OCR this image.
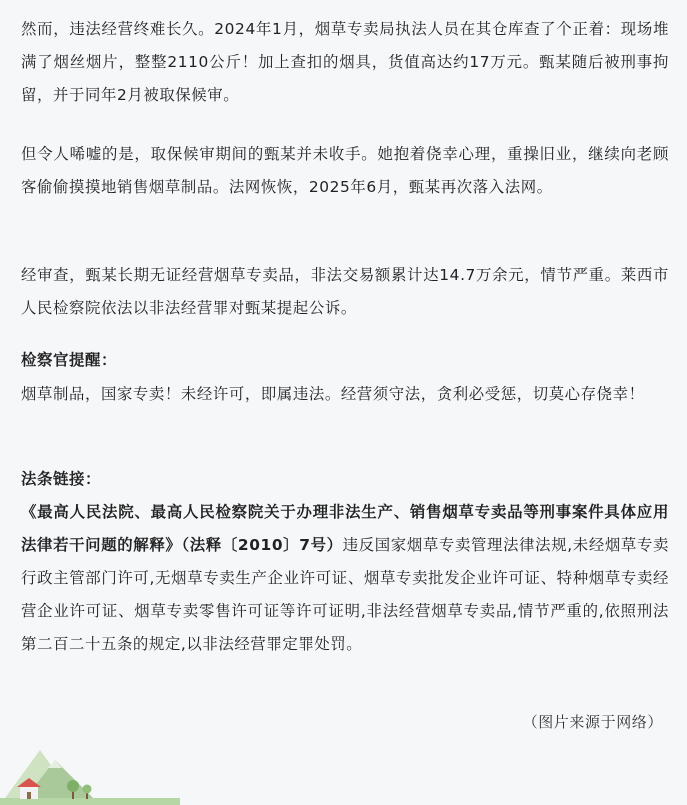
然而，违法经营终难长久。2024年1月，烟草专卖局执法人员在其仓库查了个正着：现场堆满了烟丝烟片，整整2110公斤！加上查扣的烟具，货值高达约17万元。甄某随后被刑事拘留，并于同年2月被取保候审。

但令人唏嘘的是，取保候审期间的甄某并未收手。她抱着侥幸心理，重操旧业，继续向老顾客偷偷摸摸地销售烟草制品。法网恢恢，2025年6月，甄某再次落入法网。

经审查，甄某长期无证经营烟草专卖品，非法交易额累计达14.7万余元，情节严重。莱西市人民检察院依法以非法经营罪对甄某提起公诉。

检察官提醒：

烟草制品，国家专卖！未经许可，即属违法。经营须守法，贪利必受惩，切莫心存侥幸！

法条链接：

《最高人民法院、最高人民检察院关于办理非法生产、销售烟草专卖品等刑事案件具体应用法律若干问题的解释》（法释〔2010〕7号）违反国家烟草专卖管理法律法规,未经烟草专卖行政主管部门许可,无烟草专卖生产企业许可证、烟草专卖批发企业许可证、特种烟草专卖经营企业许可证、烟草专卖零售许可证等许可证明,非法经营烟草专卖品,情节严重的,依照刑法第二百二十五条的规定,以非法经营罪定罪处罚。

（图片来源于网络）
